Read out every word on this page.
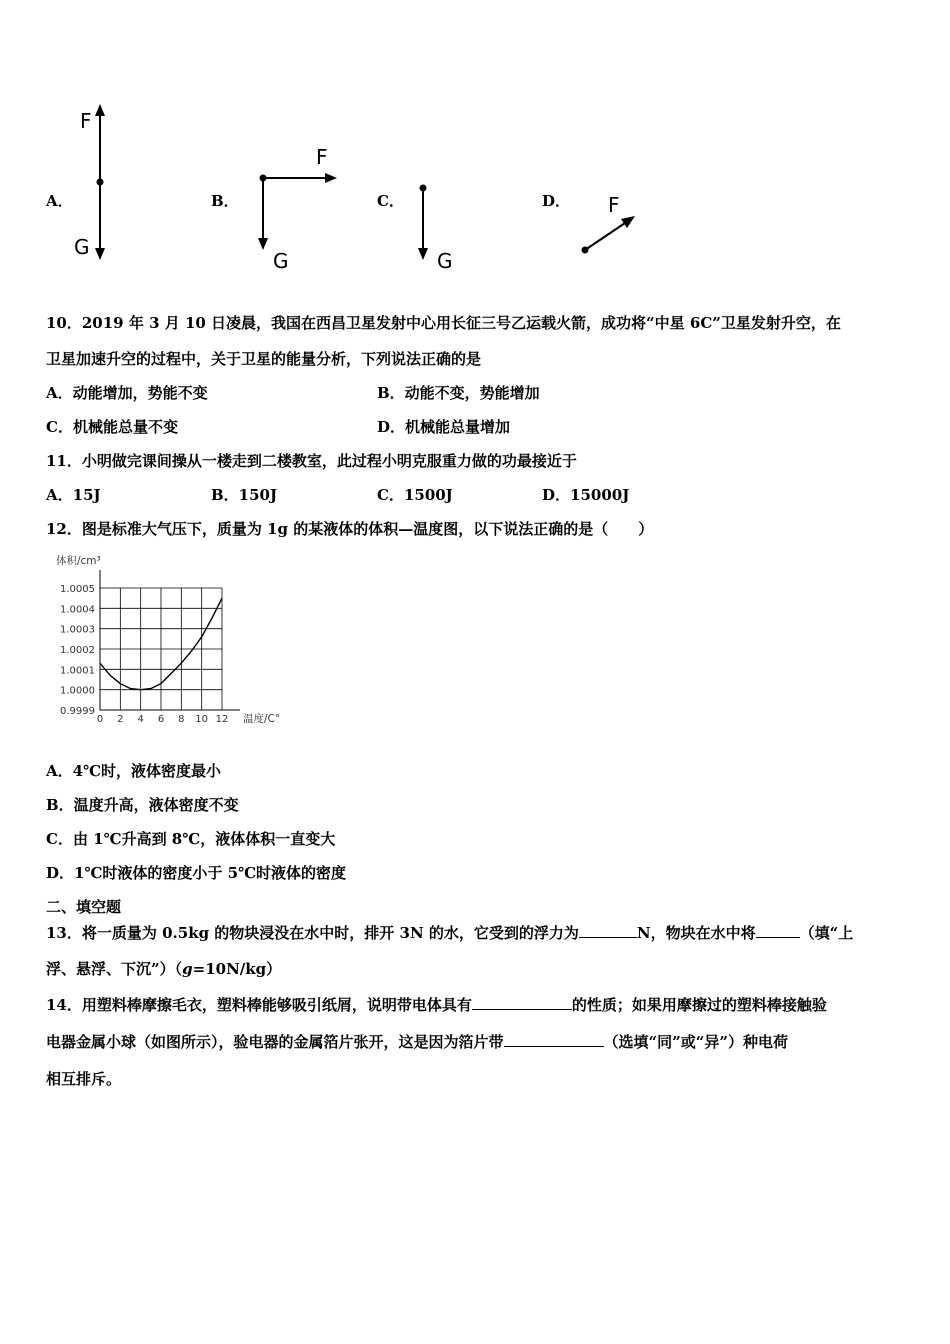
A．
F
G
B．
F
G
C．
G
D． F
10．2019 年 3 月 10 日凌晨，我国在西昌卫星发射中心用长征三号乙运载火箭，成功将“中星 6C”卫星发射升空，在
卫星加速升空的过程中，关于卫星的能量分析，下列说法正确的是
A．动能增加，势能不变	B．动能不变，势能增加
C．机械能总量不变	D．机械能总量增加
11．小明做完课间操从一楼走到二楼教室，此过程小明克服重力做的功最接近于
A．15J	B．150J	C．1500J	D．15000J
12．图是标准大气压下，质量为 1g 的某液体的体积—温度图，以下说法正确的是（　　）
0.9999
1.0000
1.0001
1.0002
1.0003
1.0004
1.0005
0 2 4 6 8 10 12
体积/cm³
温度/C°
A．4℃时，液体密度最小
B．温度升高，液体密度不变
C．由 1℃升高到 8℃，液体体积一直变大
D．1℃时液体的密度小于 5℃时液体的密度
二、填空题
13．将一质量为 0.5kg 的物块浸没在水中时，排开 3N 的水，它受到的浮力为	N，物块在水中将	（填“上
浮、悬浮、下沉”）（g=10N/kg）
14．用塑料棒摩擦毛衣，塑料棒能够吸引纸屑，说明带电体具有	的性质；如果用摩擦过的塑料棒接触验
电器金属小球（如图所示），验电器的金属箔片张开，这是因为箔片带	（选填“同”或“异”）种电荷
相互排斥。
